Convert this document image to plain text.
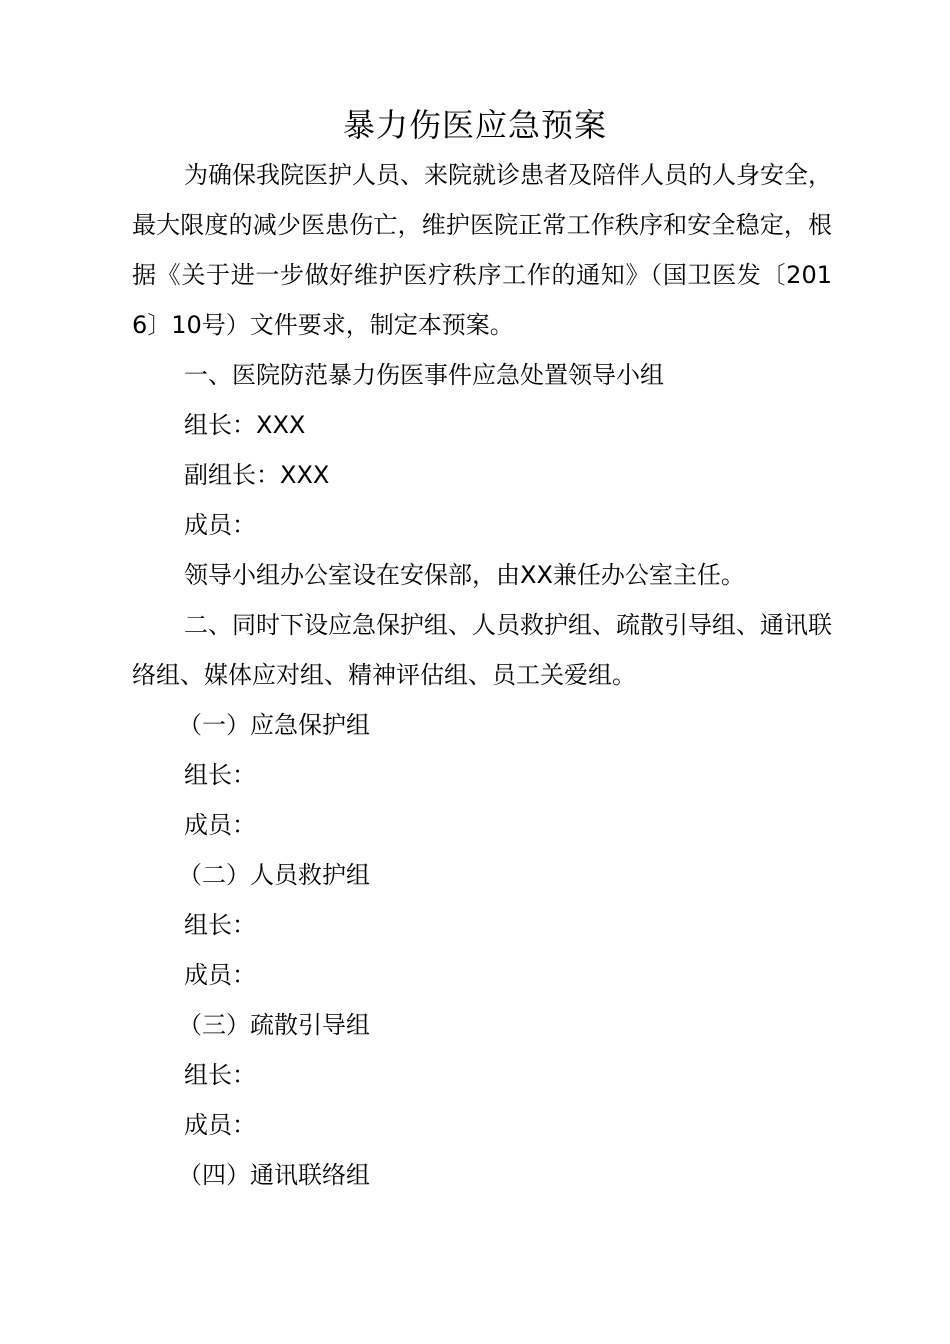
暴力伤医应急预案

为确保我院医护人员、来院就诊患者及陪伴人员的人身安全，最大限度的减少医患伤亡，维护医院正常工作秩序和安全稳定，根据《关于进一步做好维护医疗秩序工作的通知》（国卫医发〔2016〕10号）文件要求，制定本预案。

一、医院防范暴力伤医事件应急处置领导小组

组长：XXX

副组长：XXX

成员：

领导小组办公室设在安保部，由XX兼任办公室主任。

二、同时下设应急保护组、人员救护组、疏散引导组、通讯联络组、媒体应对组、精神评估组、员工关爱组。

（一）应急保护组

组长：

成员：

（二）人员救护组

组长：

成员：

（三）疏散引导组

组长：

成员：

（四）通讯联络组
